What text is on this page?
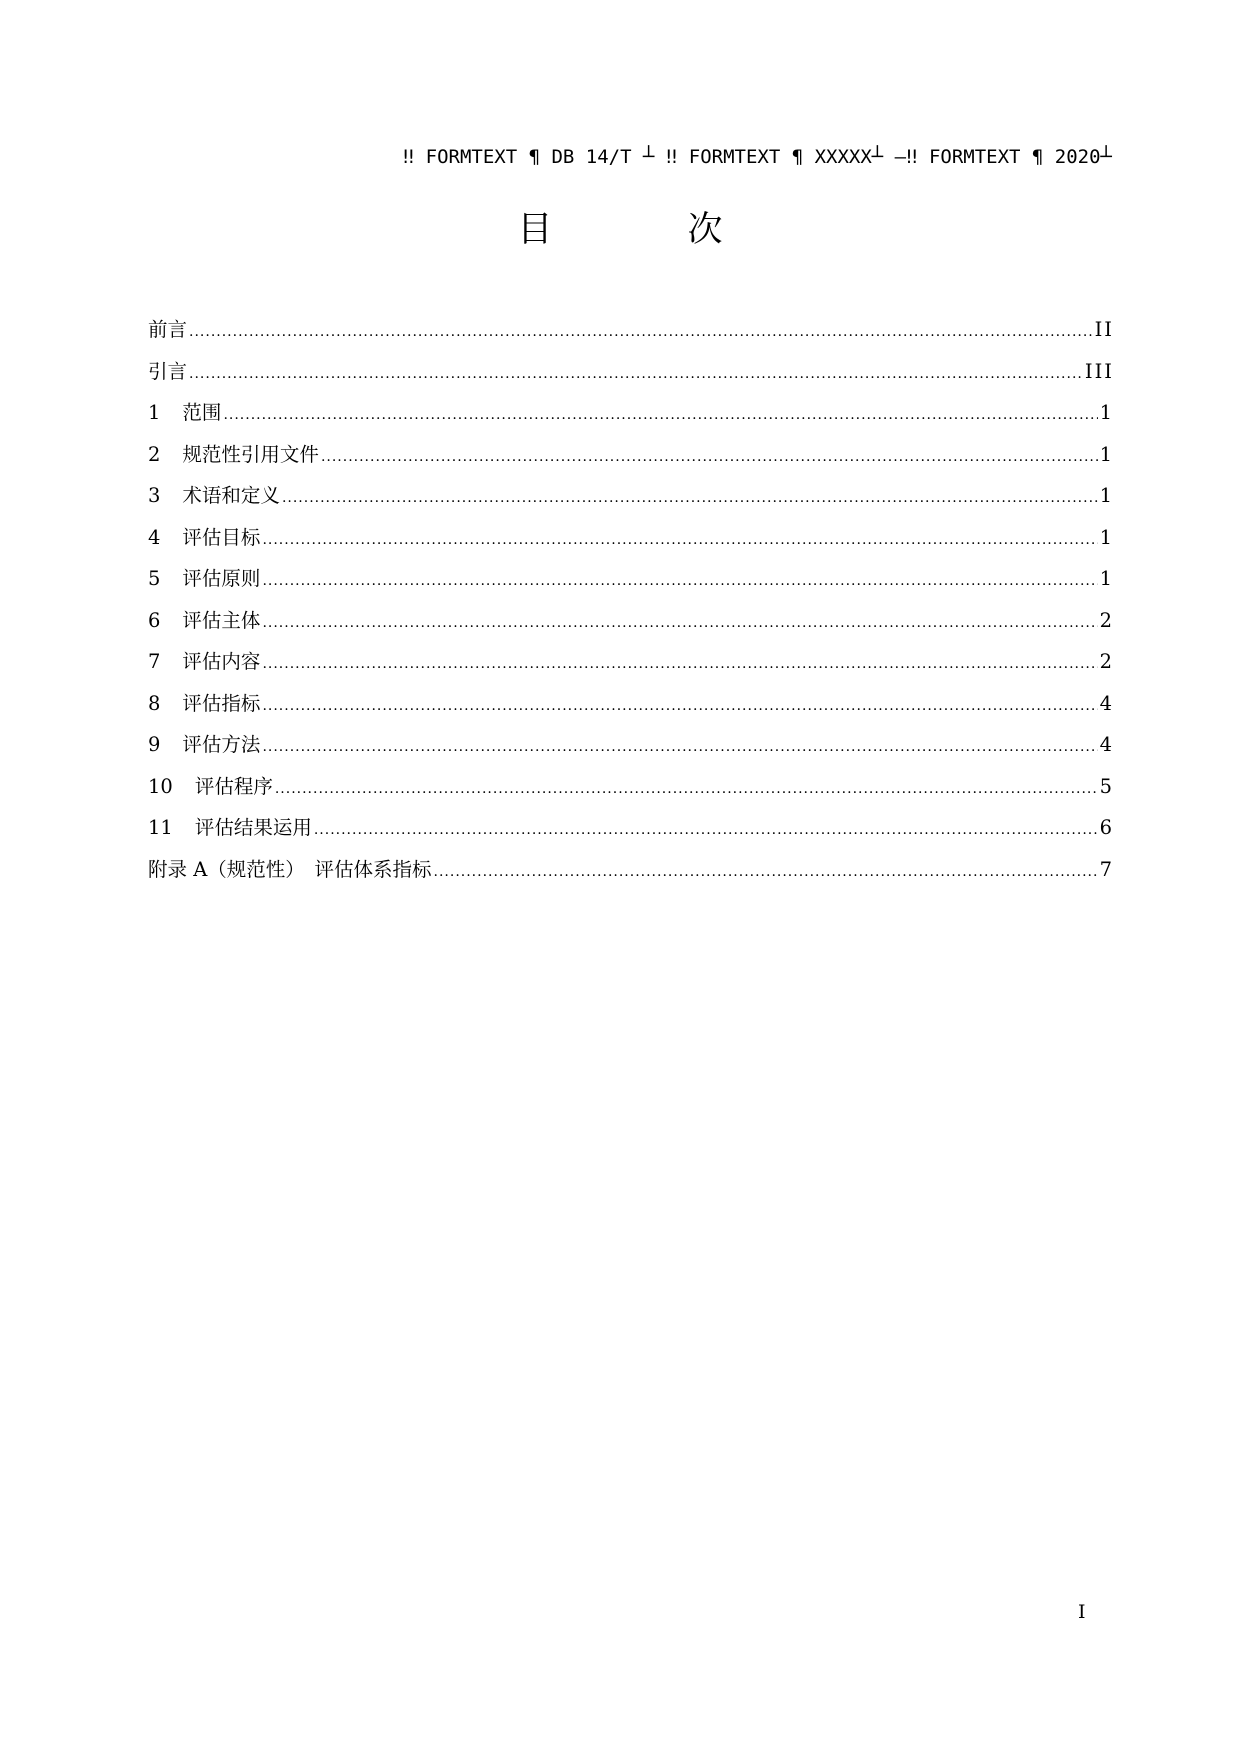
‼ FORMTEXT ¶ DB 14/T ┴ ‼ FORMTEXT ¶ XXXXX┴ —‼ FORMTEXT ¶ 2020┴
目 次
前言 .....	II
引言 .....	III
1 范围 .....	1
2 规范性引用文件 .....	1
3 术语和定义 .....	1
4 评估目标 .....	1
5 评估原则 .....	1
6 评估主体 .....	2
7 评估内容 .....	2
8 评估指标 .....	4
9 评估方法 .....	4
10 评估程序 .....	5
11 评估结果运用 .....	6
附录 A（规范性）　评估体系指标 .....	7
I
